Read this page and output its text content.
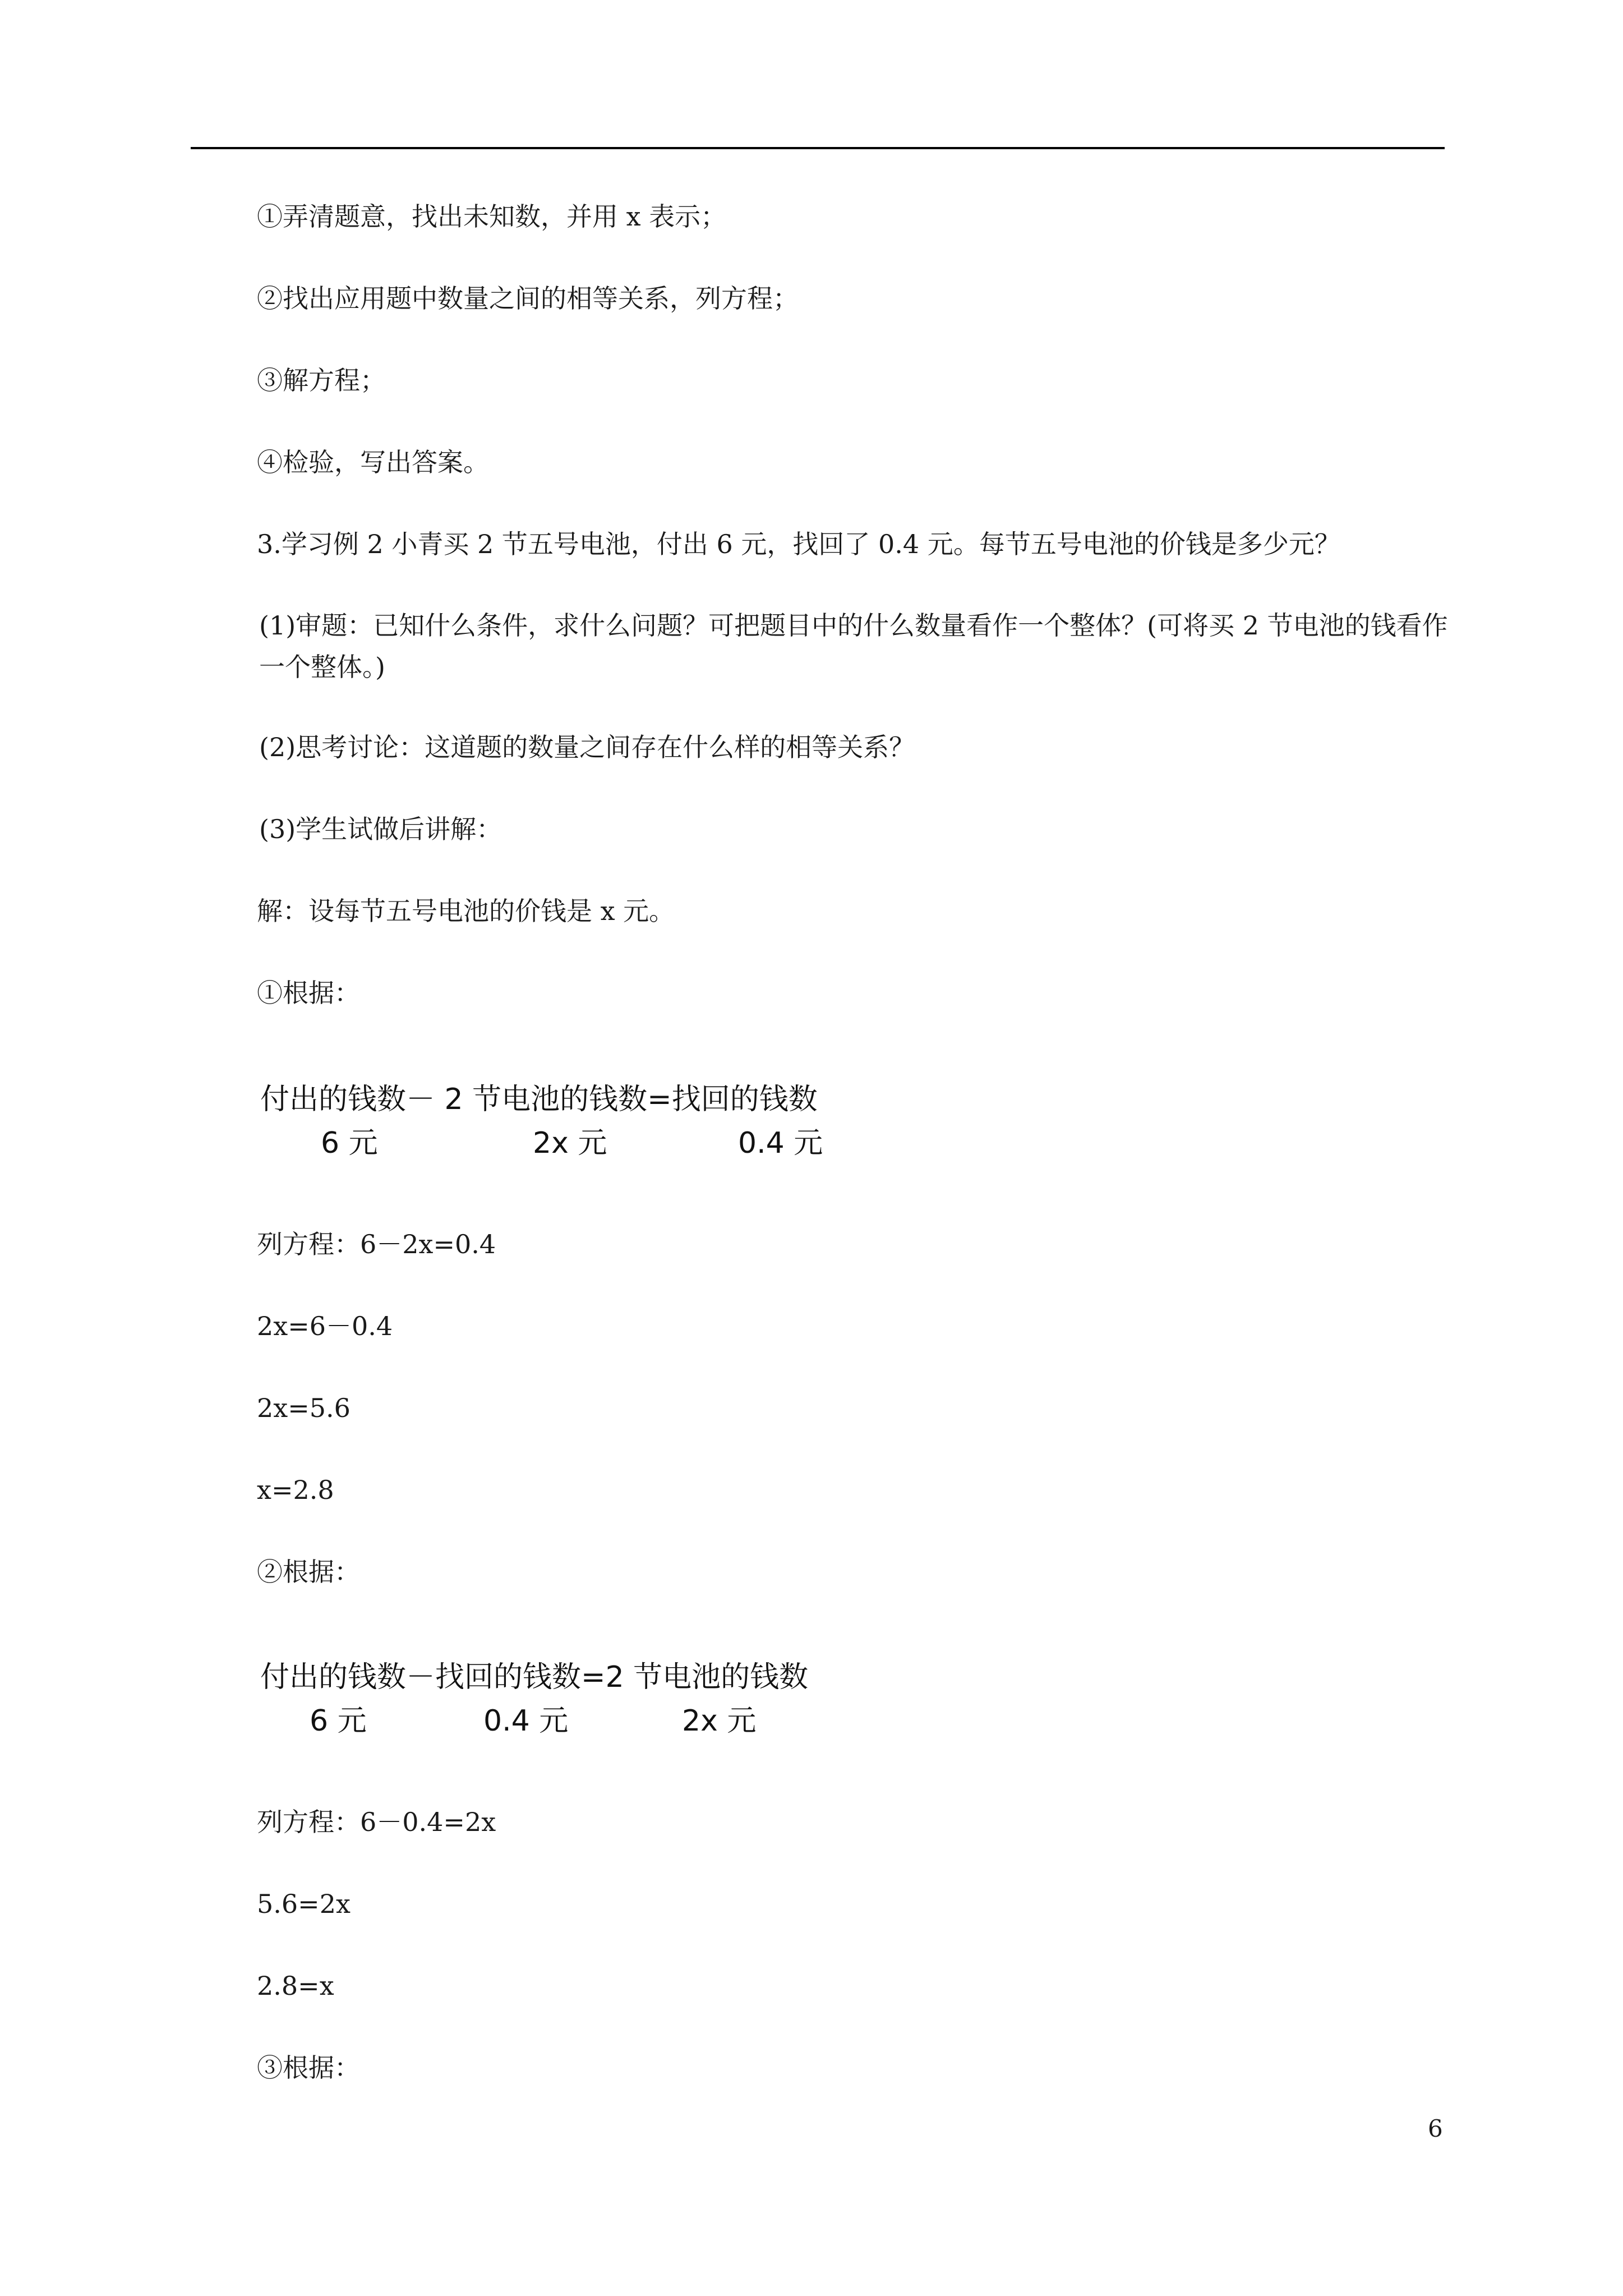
①弄清题意，找出未知数，并用 x 表示；
②找出应用题中数量之间的相等关系，列方程；
③解方程；
④检验，写出答案。
3.学习例 2 小青买 2 节五号电池，付出 6 元，找回了 0.4 元。每节五号电池的价钱是多少元？
(1)审题：已知什么条件，求什么问题？可把题目中的什么数量看作一个整体？(可将买 2 节电池的钱看作一个整体。)
(2)思考讨论：这道题的数量之间存在什么样的相等关系？
(3)学生试做后讲解：
解：设每节五号电池的价钱是 x 元。
①根据：
付出的钱数－ 2 节电池的钱数=找回的钱数
6 元	2x 元	0.4 元
列方程：6－2x=0.4
2x=6－0.4
2x=5.6
x=2.8
②根据：
付出的钱数－找回的钱数=2 节电池的钱数
6 元	0.4 元	2x 元
列方程：6－0.4=2x
5.6=2x
2.8=x
③根据：
6
